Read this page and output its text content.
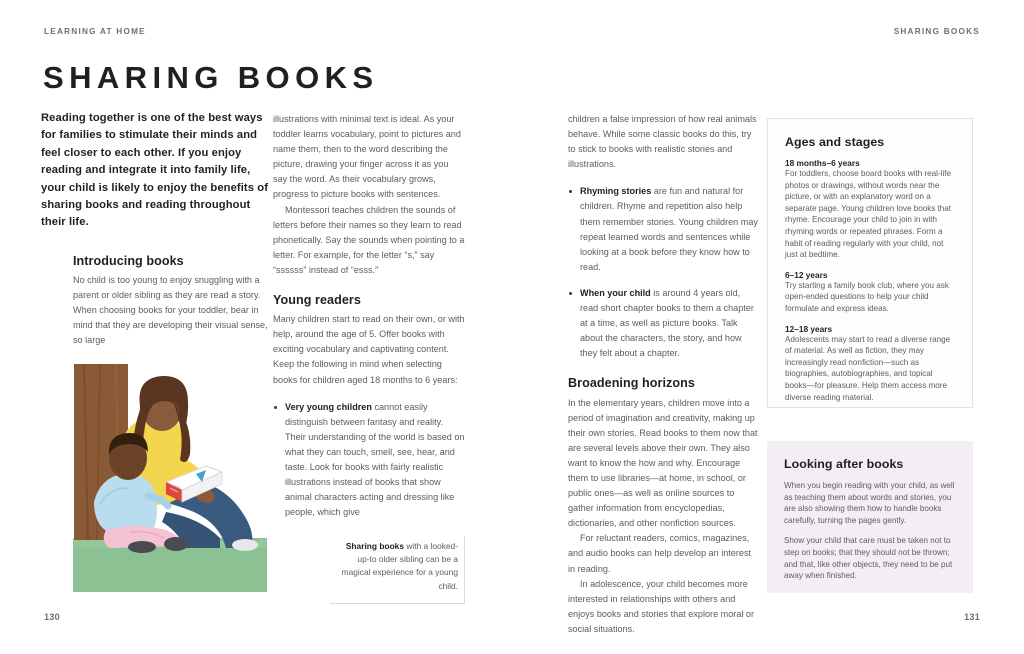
LEARNING AT HOME	SHARING BOOKS
SHARING BOOKS

Reading together is one of the best ways for families to stimulate their minds and feel closer to each other. If you enjoy reading and integrate it into family life, your child is likely to enjoy the benefits of sharing books and reading throughout their life.

Introducing books

No child is too young to enjoy snuggling with a parent or older sibling as they are read a story. When choosing books for your toddler, bear in mind that they are developing their visual sense, so large

illustrations with minimal text is ideal. As your toddler learns vocabulary, point to pictures and name them, then to the word describing the picture, drawing your finger across it as you say the word. As their vocabulary grows, progress to picture books with sentences.

Montessori teaches children the sounds of letters before their names so they learn to read phonetically. Say the sounds when pointing to a letter. For example, for the letter “s,” say “ssssss” instead of “esss.”

Young readers

Many children start to read on their own, or with help, around the age of 5. Offer books with exciting vocabulary and captivating content. Keep the following in mind when selecting books for children aged 18 months to 6 years:

Very young children cannot easily distinguish between fantasy and reality. Their understanding of the world is based on what they can touch, smell, see, hear, and taste. Look for books with fairly realistic illustrations instead of books that show animal characters acting and dressing like people, which give
Sharing books with a looked-up-to older sibling can be a magical experience for a young child.

children a false impression of how real animals behave. While some classic books do this, try to stick to books with realistic stories and illustrations.

Rhyming stories are fun and natural for children. Rhyme and repetition also help them remember stories. Young children may repeat learned words and sentences while looking at a book before they know how to read.
When your child is around 4 years old, read short chapter books to them a chapter at a time, as well as picture books. Talk about the characters, the story, and how they felt about a chapter.
Broadening horizons

In the elementary years, children move into a period of imagination and creativity, making up their own stories. Read books to them now that are several levels above their own. They also want to know the how and why. Encourage them to use libraries—at home, in school, or public ones—as well as online sources to gather information from encyclopedias, dictionaries, and other nonfiction sources.

For reluctant readers, comics, magazines, and audio books can help develop an interest in reading.

In adolescence, your child becomes more interested in relationships with others and enjoys books and stories that explore moral or social situations.

Ages and stages
18 months–6 years

For toddlers, choose board books with real-life photos or drawings, without words near the picture, or with an explanatory word on a separate page. Young children love books that rhyme. Encourage your child to join in with rhyming words or repeated phrases. Form a habit of reading regularly with your child, not just at bedtime.

6–12 years

Try starting a family book club, where you ask open-ended questions to help your child formulate and express ideas.

12–18 years

Adolescents may start to read a diverse range of material. As well as fiction, they may increasingly read nonfiction—such as biographies, autobiographies, and topical books—for pleasure. Help them access more diverse reading material.

Looking after books

When you begin reading with your child, as well as teaching them about words and stories, you are also showing them how to handle books carefully, turning the pages gently.

Show your child that care must be taken not to step on books; that they should not be thrown; and that, like other objects, they need to be put away when finished.

130	131
